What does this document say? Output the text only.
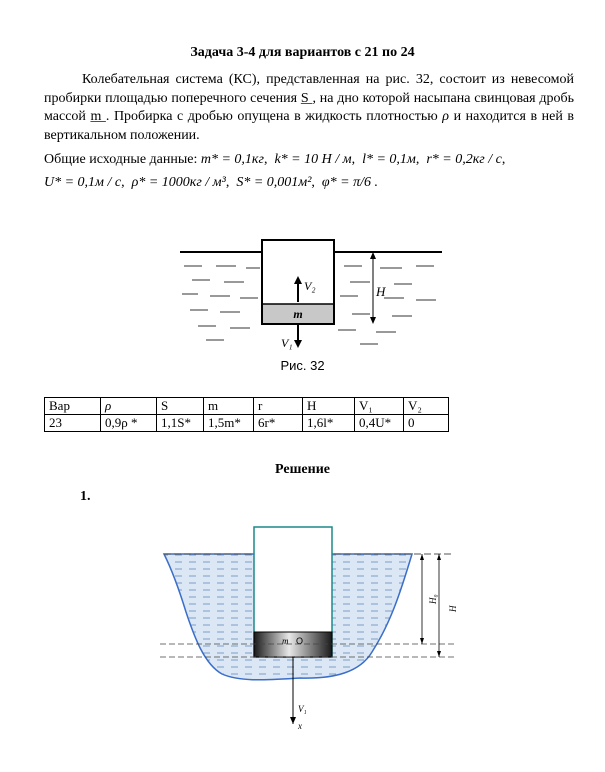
Задача 3-4 для вариантов с 21 по 24
Колебательная система (КС), представленная на рис. 32, состоит из невесомой пробирки площадью поперечного сечения S , на дно которой насыпана свинцовая дробь массой m . Пробирка с дробью опущена в жидкость плотностью ρ и находится в ней в вертикальном положении.
Общие исходные данные: m* = 0,1кг,  k* = 10 Н / м,  l* = 0,1м,  r* = 0,2кг / с,
U* = 0,1м / с,  ρ* = 1000кг / м³,  S* = 0,001м²,  φ* = π/6 .
m
V₂
V₁
H
Рис. 32
Вар	ρ	S	m	r	H	V₁	V₂
23	0,9ρ *	1,1S*	1,5m*	6r*	1,6l*	0,4U*	0
Решение
1.
m O
V₁
x
H
H₀
